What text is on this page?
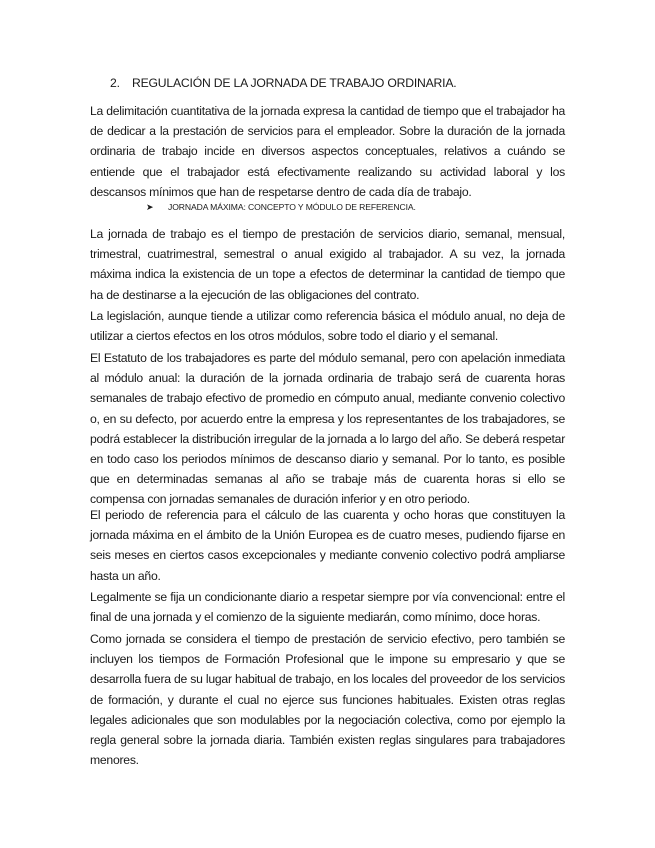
2. REGULACIÓN DE LA JORNADA DE TRABAJO ORDINARIA.

La delimitación cuantitativa de la jornada expresa la cantidad de tiempo que el trabajador ha de dedicar a la prestación de servicios para el empleador. Sobre la duración de la jornada ordinaria de trabajo incide en diversos aspectos conceptuales, relativos a cuándo se entiende que el trabajador está efectivamente realizando su actividad laboral y los descansos mínimos que han de respetarse dentro de cada día de trabajo.

➤ JORNADA MÁXIMA: CONCEPTO Y MÓDULO DE REFERENCIA.

La jornada de trabajo es el tiempo de prestación de servicios diario, semanal, mensual, trimestral, cuatrimestral, semestral o anual exigido al trabajador. A su vez, la jornada máxima indica la existencia de un tope a efectos de determinar la cantidad de tiempo que ha de destinarse a la ejecución de las obligaciones del contrato.

La legislación, aunque tiende a utilizar como referencia básica el módulo anual, no deja de utilizar a ciertos efectos en los otros módulos, sobre todo el diario y el semanal.

El Estatuto de los trabajadores es parte del módulo semanal, pero con apelación inmediata al módulo anual: la duración de la jornada ordinaria de trabajo será de cuarenta horas semanales de trabajo efectivo de promedio en cómputo anual, mediante convenio colectivo o, en su defecto, por acuerdo entre la empresa y los representantes de los trabajadores, se podrá establecer la distribución irregular de la jornada a lo largo del año. Se deberá respetar en todo caso los periodos mínimos de descanso diario y semanal. Por lo tanto, es posible que en determinadas semanas al año se trabaje más de cuarenta horas si ello se compensa con jornadas semanales de duración inferior y en otro periodo.

El periodo de referencia para el cálculo de las cuarenta y ocho horas que constituyen la jornada máxima en el ámbito de la Unión Europea es de cuatro meses, pudiendo fijarse en seis meses en ciertos casos excepcionales y mediante convenio colectivo podrá ampliarse hasta un año.

Legalmente se fija un condicionante diario a respetar siempre por vía convencional: entre el final de una jornada y el comienzo de la siguiente mediarán, como mínimo, doce horas.

Como jornada se considera el tiempo de prestación de servicio efectivo, pero también se incluyen los tiempos de Formación Profesional que le impone su empresario y que se desarrolla fuera de su lugar habitual de trabajo, en los locales del proveedor de los servicios de formación, y durante el cual no ejerce sus funciones habituales. Existen otras reglas legales adicionales que son modulables por la negociación colectiva, como por ejemplo la regla general sobre la jornada diaria. También existen reglas singulares para trabajadores menores.
